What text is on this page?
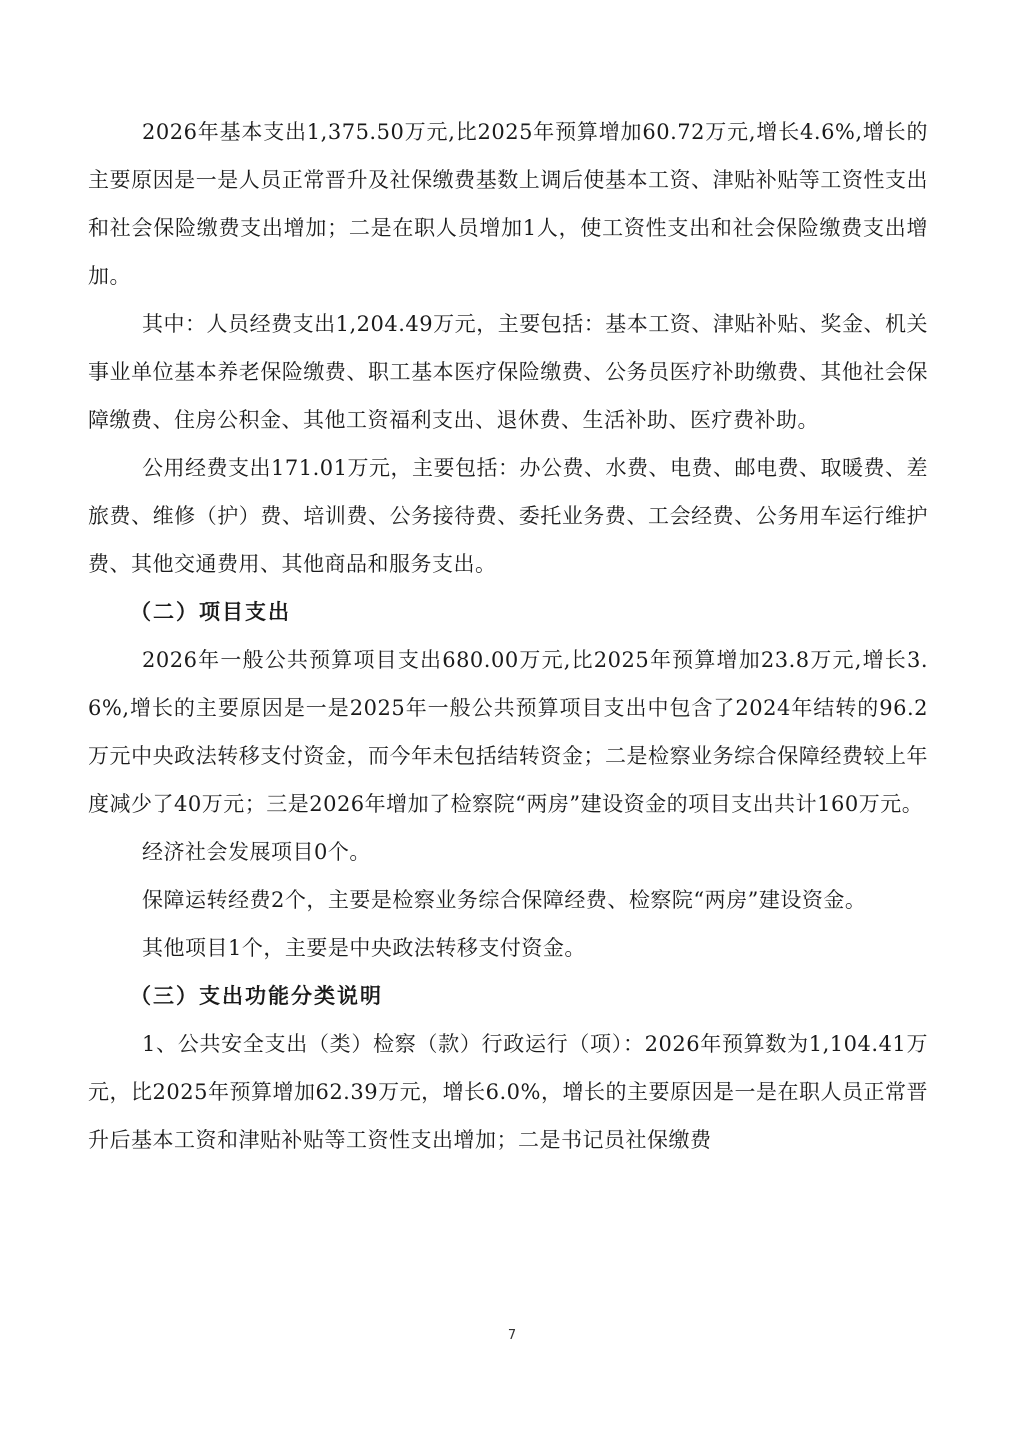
2026年基本支出1,375.50万元,比2025年预算增加60.72万元,增长4.6%,增长的主要原因是一是人员正常晋升及社保缴费基数上调后使基本工资、津贴补贴等工资性支出和社会保险缴费支出增加；二是在职人员增加1人，使工资性支出和社会保险缴费支出增加。

其中：人员经费支出1,204.49万元，主要包括：基本工资、津贴补贴、奖金、机关事业单位基本养老保险缴费、职工基本医疗保险缴费、公务员医疗补助缴费、其他社会保障缴费、住房公积金、其他工资福利支出、退休费、生活补助、医疗费补助。

公用经费支出171.01万元，主要包括：办公费、水费、电费、邮电费、取暖费、差旅费、维修（护）费、培训费、公务接待费、委托业务费、工会经费、公务用车运行维护费、其他交通费用、其他商品和服务支出。

（二）项目支出

2026年一般公共预算项目支出680.00万元,比2025年预算增加23.8万元,增长3.6%,增长的主要原因是一是2025年一般公共预算项目支出中包含了2024年结转的96.2万元中央政法转移支付资金，而今年未包括结转资金；二是检察业务综合保障经费较上年度减少了40万元；三是2026年增加了检察院“两房”建设资金的项目支出共计160万元。

经济社会发展项目0个。

保障运转经费2个，主要是检察业务综合保障经费、检察院“两房”建设资金。

其他项目1个，主要是中央政法转移支付资金。

（三）支出功能分类说明

1、公共安全支出（类）检察（款）行政运行（项）：2026年预算数为1,104.41万元，比2025年预算增加62.39万元，增长6.0%，增长的主要原因是一是在职人员正常晋升后基本工资和津贴补贴等工资性支出增加；二是书记员社保缴费

7
